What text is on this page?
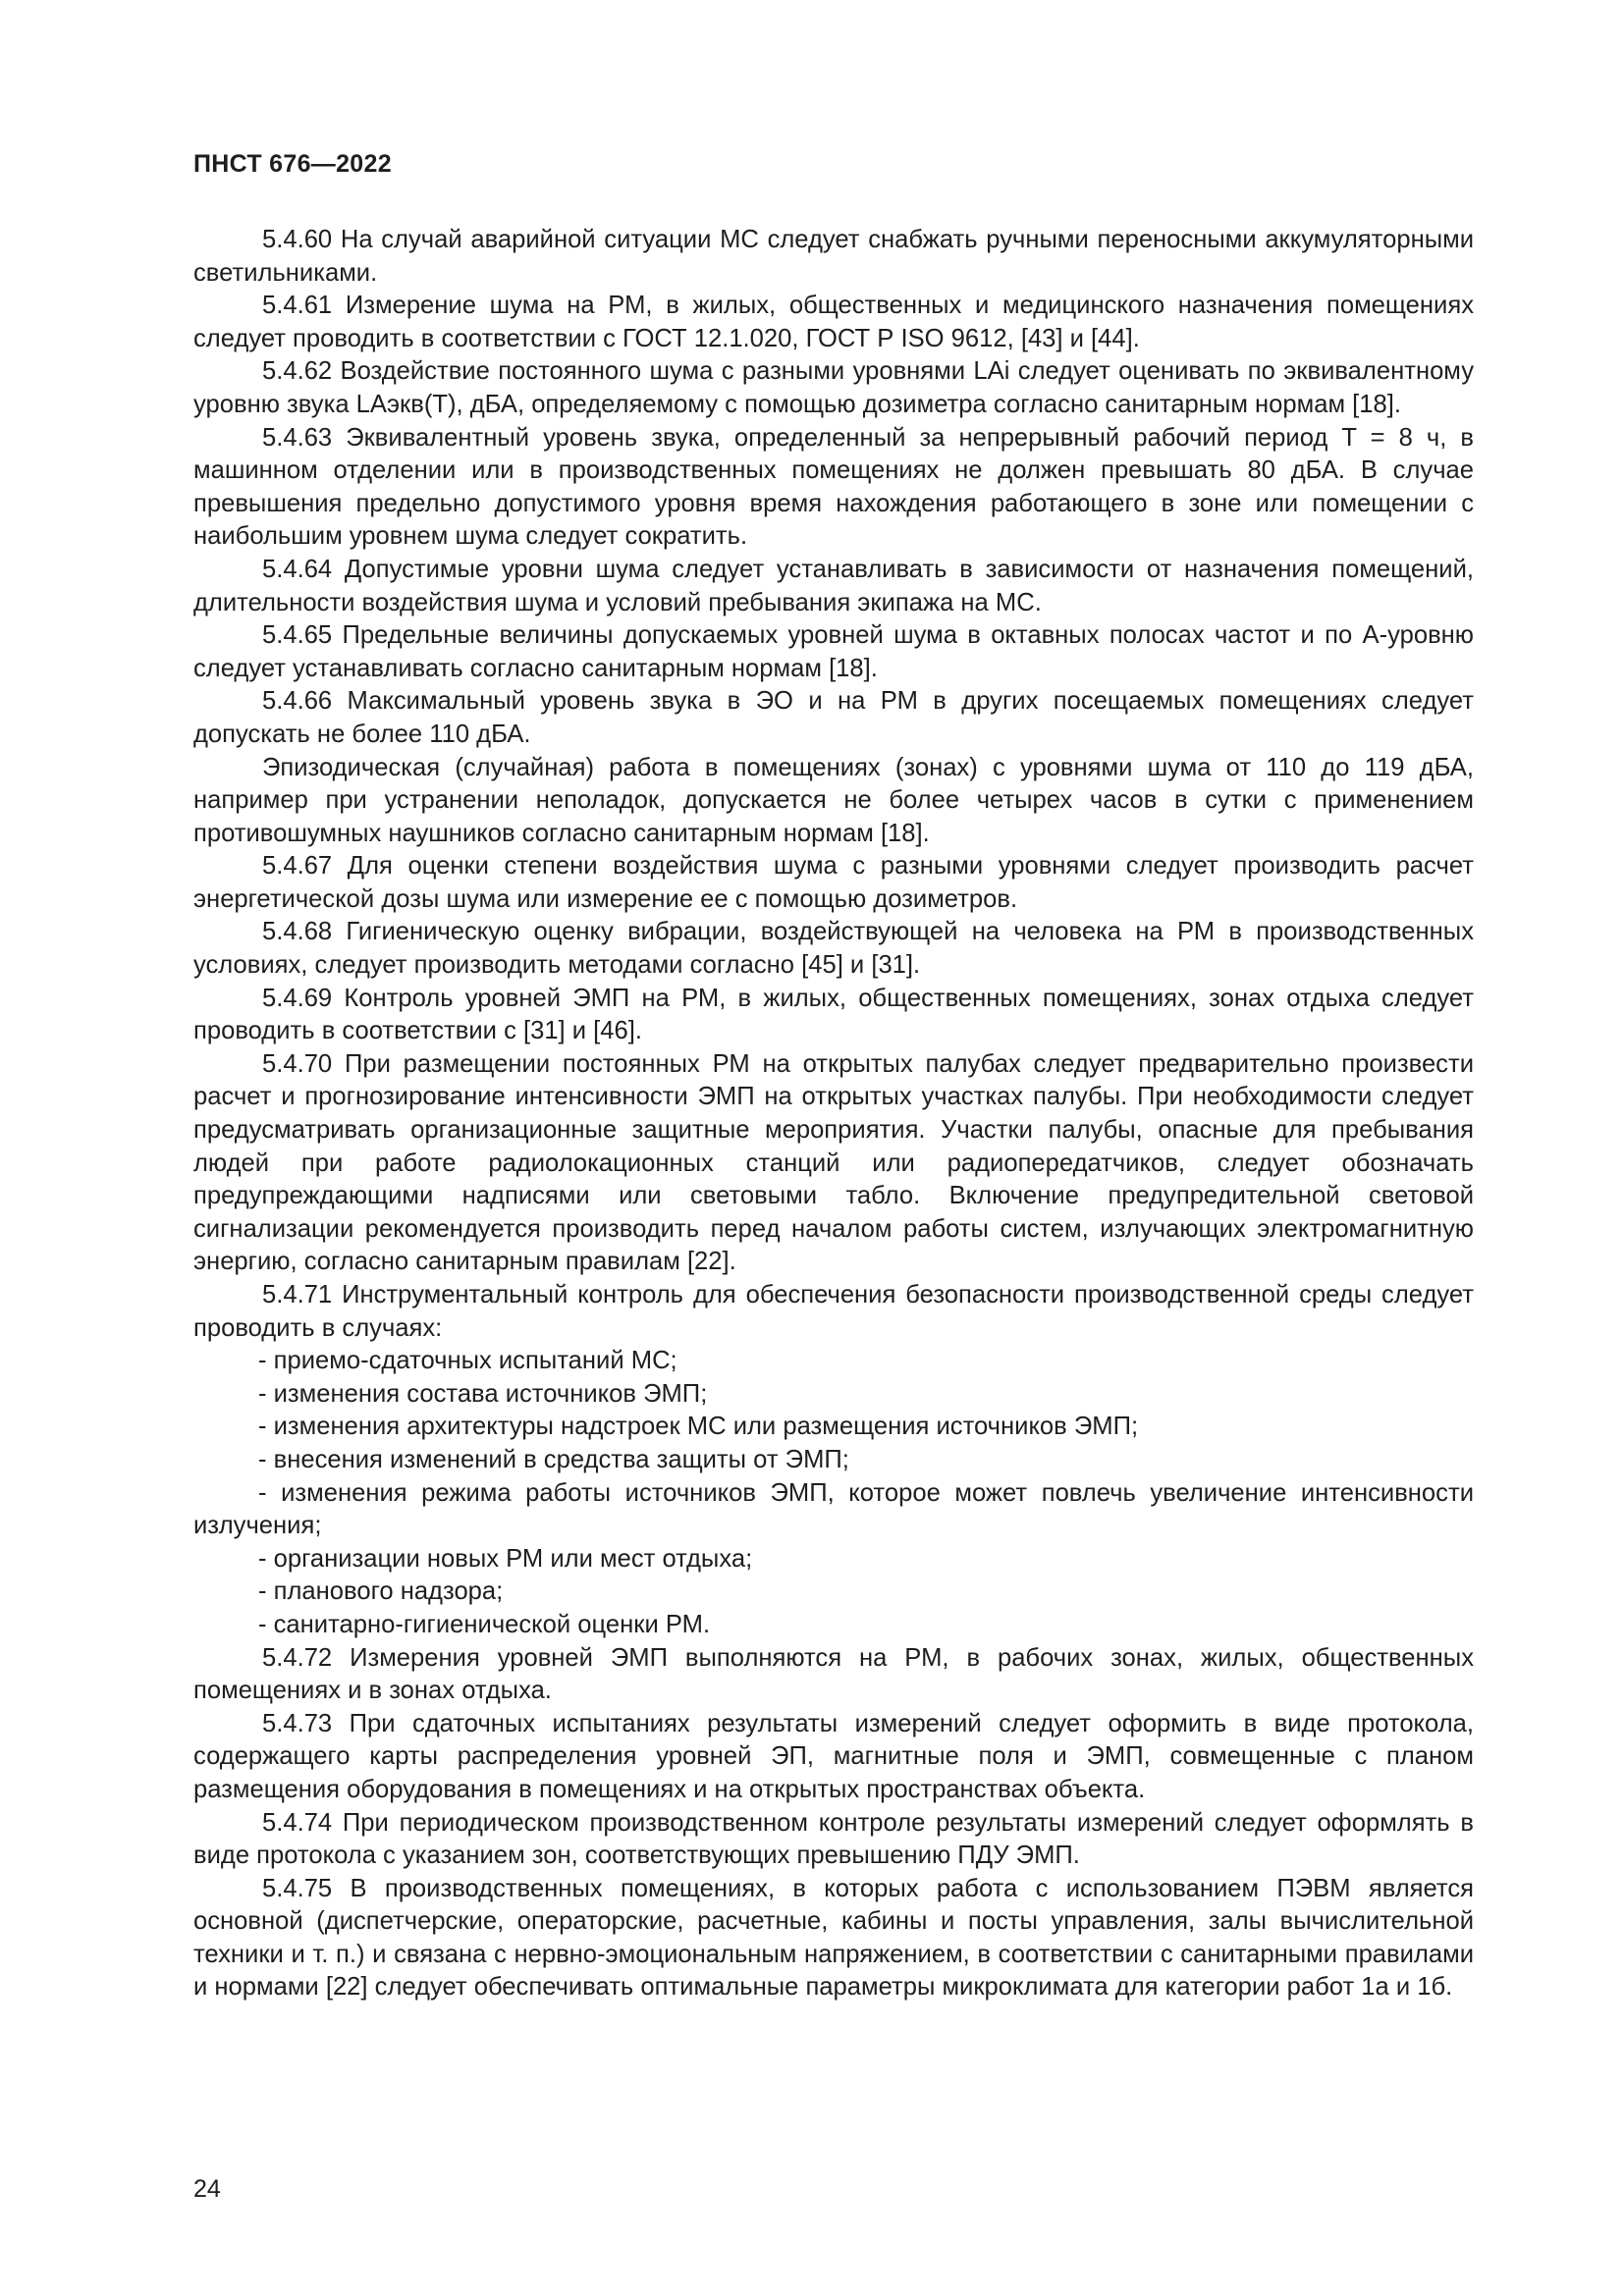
ПНСТ 676—2022

5.4.60 На случай аварийной ситуации МС следует снабжать ручными переносными аккумуляторными светильниками.

5.4.61 Измерение шума на РМ, в жилых, общественных и медицинского назначения помещениях следует проводить в соответствии с ГОСТ 12.1.020, ГОСТ Р ISO 9612, [43] и [44].

5.4.62 Воздействие постоянного шума с разными уровнями LAi следует оценивать по эквивалентному уровню звука LAэкв(T), дБА, определяемому с помощью дозиметра согласно санитарным нормам [18].

5.4.63 Эквивалентный уровень звука, определенный за непрерывный рабочий период T = 8 ч, в машинном отделении или в производственных помещениях не должен превышать 80 дБА. В случае превышения предельно допустимого уровня время нахождения работающего в зоне или помещении с наибольшим уровнем шума следует сократить.

5.4.64 Допустимые уровни шума следует устанавливать в зависимости от назначения помещений, длительности воздействия шума и условий пребывания экипажа на МС.

5.4.65 Предельные величины допускаемых уровней шума в октавных полосах частот и по А-уровню следует устанавливать согласно санитарным нормам [18].

5.4.66 Максимальный уровень звука в ЭО и на РМ в других посещаемых помещениях следует допускать не более 110 дБА.

Эпизодическая (случайная) работа в помещениях (зонах) с уровнями шума от 110 до 119 дБА, например при устранении неполадок, допускается не более четырех часов в сутки с применением противошумных наушников согласно санитарным нормам [18].

5.4.67 Для оценки степени воздействия шума с разными уровнями следует производить расчет энергетической дозы шума или измерение ее с помощью дозиметров.

5.4.68 Гигиеническую оценку вибрации, воздействующей на человека на РМ в производственных условиях, следует производить методами согласно [45] и [31].

5.4.69 Контроль уровней ЭМП на РМ, в жилых, общественных помещениях, зонах отдыха следует проводить в соответствии с [31] и [46].

5.4.70 При размещении постоянных РМ на открытых палубах следует предварительно произвести расчет и прогнозирование интенсивности ЭМП на открытых участках палубы. При необходимости следует предусматривать организационные защитные мероприятия. Участки палубы, опасные для пребывания людей при работе радиолокационных станций или радиопередатчиков, следует обозначать предупреждающими надписями или световыми табло. Включение предупредительной световой сигнализации рекомендуется производить перед началом работы систем, излучающих электромагнитную энергию, согласно санитарным правилам [22].

5.4.71 Инструментальный контроль для обеспечения безопасности производственной среды следует проводить в случаях:

- приемо-сдаточных испытаний МС;

- изменения состава источников ЭМП;

- изменения архитектуры надстроек МС или размещения источников ЭМП;

- внесения изменений в средства защиты от ЭМП;

- изменения режима работы источников ЭМП, которое может повлечь увеличение интенсивности излучения;

- организации новых РМ или мест отдыха;

- планового надзора;

- санитарно-гигиенической оценки РМ.

5.4.72 Измерения уровней ЭМП выполняются на РМ, в рабочих зонах, жилых, общественных помещениях и в зонах отдыха.

5.4.73 При сдаточных испытаниях результаты измерений следует оформить в виде протокола, содержащего карты распределения уровней ЭП, магнитные поля и ЭМП, совмещенные с планом размещения оборудования в помещениях и на открытых пространствах объекта.

5.4.74 При периодическом производственном контроле результаты измерений следует оформлять в виде протокола с указанием зон, соответствующих превышению ПДУ ЭМП.

5.4.75 В производственных помещениях, в которых работа с использованием ПЭВМ является основной (диспетчерские, операторские, расчетные, кабины и посты управления, залы вычислительной техники и т. п.) и связана с нервно-эмоциональным напряжением, в соответствии с санитарными правилами и нормами [22] следует обеспечивать оптимальные параметры микроклимата для категории работ 1а и 1б.

24
